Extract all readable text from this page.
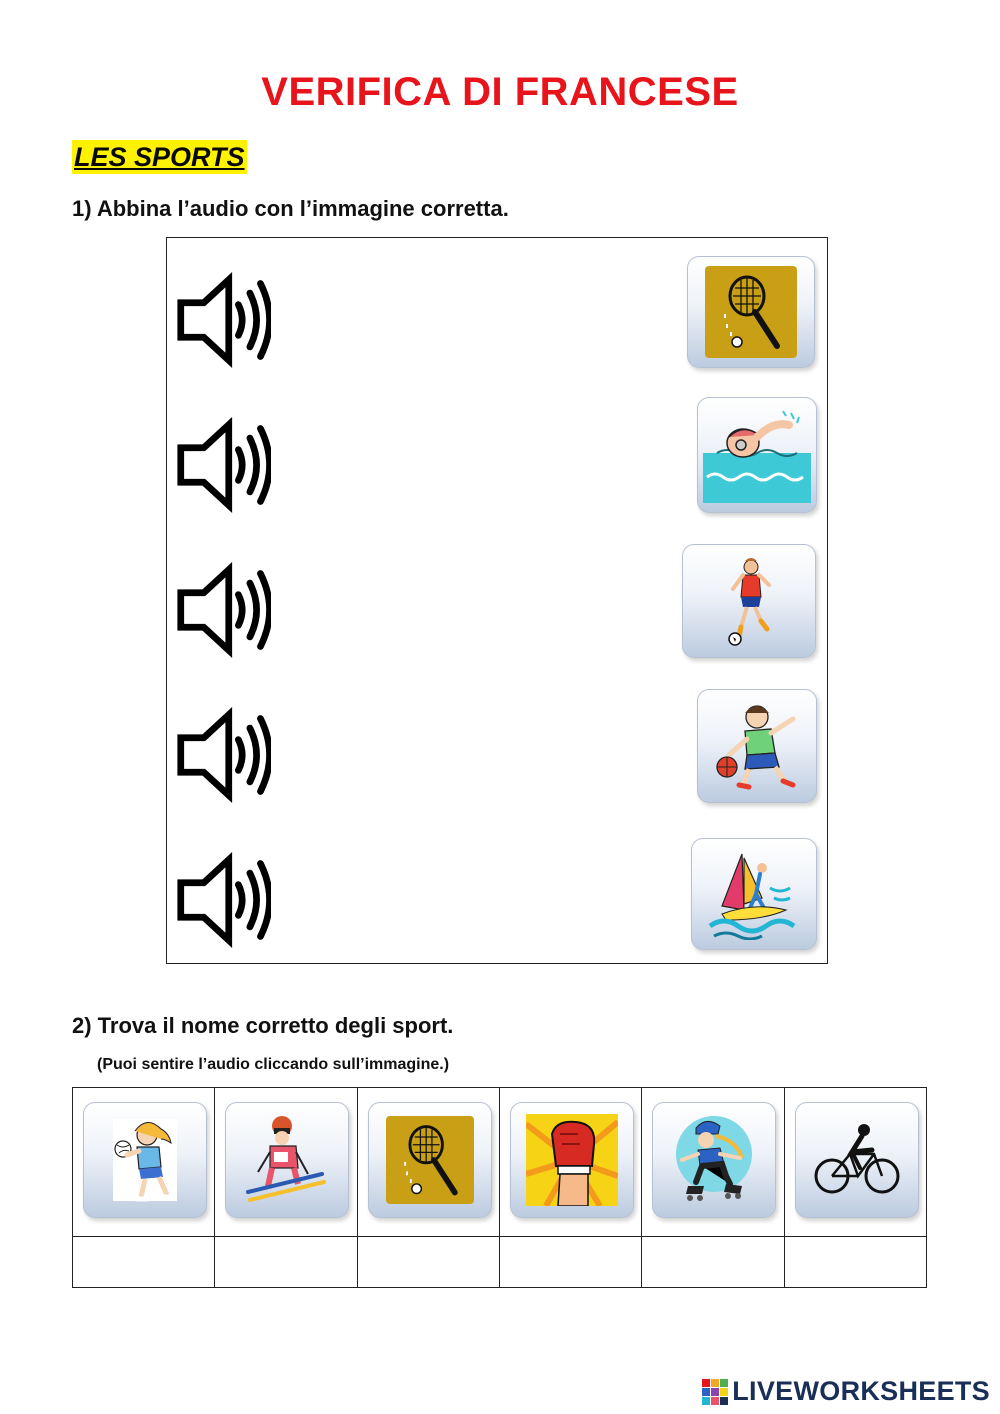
VERIFICA DI FRANCESE
LES SPORTS
1) Abbina l’audio con l’immagine corretta.
2) Trova il nome corretto degli sport.
(Puoi sentire l’audio cliccando sull’immagine.)

LIVEWORKSHEETS
